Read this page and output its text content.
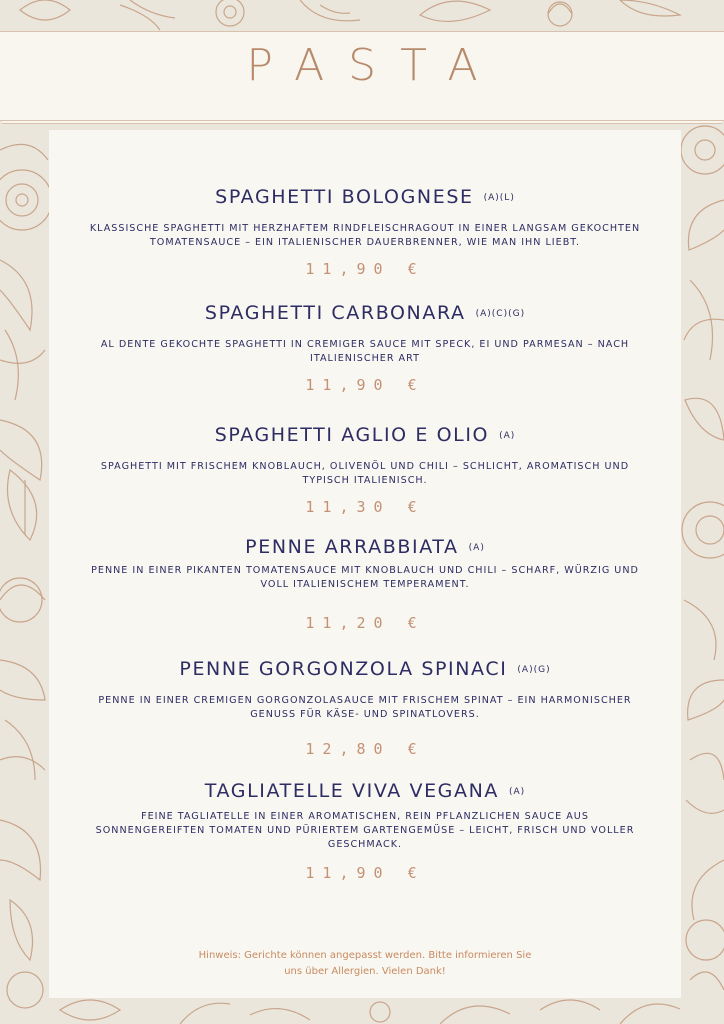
PASTA
SPAGHETTI BOLOGNESE (A)(L)
KLASSISCHE SPAGHETTI MIT HERZHAFTEM RINDFLEISCHRAGOUT IN EINER LANGSAM GEKOCHTEN TOMATENSAUCE – EIN ITALIENISCHER DAUERBRENNER, WIE MAN IHN LIEBT.
11,90 €
SPAGHETTI CARBONARA (A)(C)(G)
AL DENTE GEKOCHTE SPAGHETTI IN CREMIGER SAUCE MIT SPECK, EI UND PARMESAN – NACH ITALIENISCHER ART
11,90 €
SPAGHETTI AGLIO E OLIO (A)
SPAGHETTI MIT FRISCHEM KNOBLAUCH, OLIVENÖL UND CHILI – SCHLICHT, AROMATISCH UND TYPISCH ITALIENISCH.
11,30 €
PENNE ARRABBIATA (A)
PENNE IN EINER PIKANTEN TOMATENSAUCE MIT KNOBLAUCH UND CHILI – SCHARF, WÜRZIG UND VOLL ITALIENISCHEM TEMPERAMENT.
11,20 €
PENNE GORGONZOLA SPINACI (A)(G)
PENNE IN EINER CREMIGEN GORGONZOLASAUCE MIT FRISCHEM SPINAT – EIN HARMONISCHER GENUSS FÜR KÄSE- UND SPINATLOVERS.
12,80 €
TAGLIATELLE VIVA VEGANA (A)
FEINE TAGLIATELLE IN EINER AROMATISCHEN, REIN PFLANZLICHEN SAUCE AUS SONNENGEREIFTEN TOMATEN UND PÜRIERTEM GARTENGEMÜSE – LEICHT, FRISCH UND VOLLER GESCHMACK.
11,90 €
Hinweis: Gerichte können angepasst werden. Bitte informieren Sie
uns über Allergien. Vielen Dank!
